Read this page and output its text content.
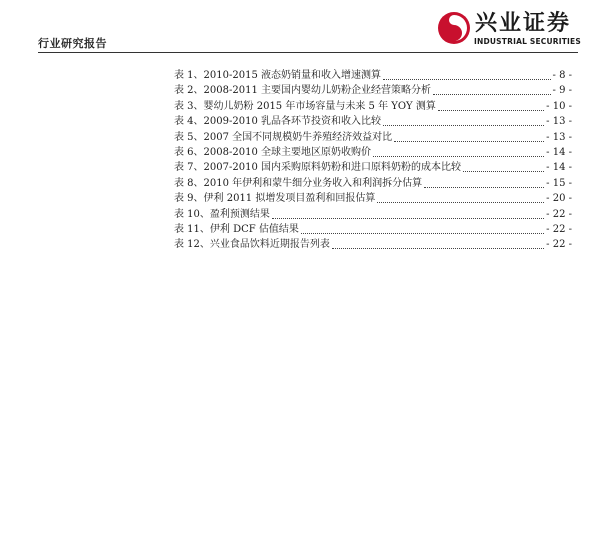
行业研究报告
兴业证券
INDUSTRIAL SECURITIES
表 1、2010-2015 液态奶销量和收入增速测算	- 8 -
表 2、2008-2011 主要国内婴幼儿奶粉企业经营策略分析	- 9 -
表 3、婴幼儿奶粉 2015 年市场容量与未来 5 年 YOY 测算	- 10 -
表 4、2009-2010 乳品各环节投资和收入比较	- 13 -
表 5、2007 全国不同规模奶牛养殖经济效益对比	- 13 -
表 6、2008-2010 全球主要地区原奶收购价	- 14 -
表 7、2007-2010 国内采购原料奶粉和进口原料奶粉的成本比较	- 14 -
表 8、2010 年伊利和蒙牛细分业务收入和利润拆分估算	- 15 -
表 9、伊利 2011 拟增发项目盈利和回报估算	- 20 -
表 10、盈利预测结果	- 22 -
表 11、伊利 DCF 估值结果	- 22 -
表 12、兴业食品饮料近期报告列表	- 22 -
